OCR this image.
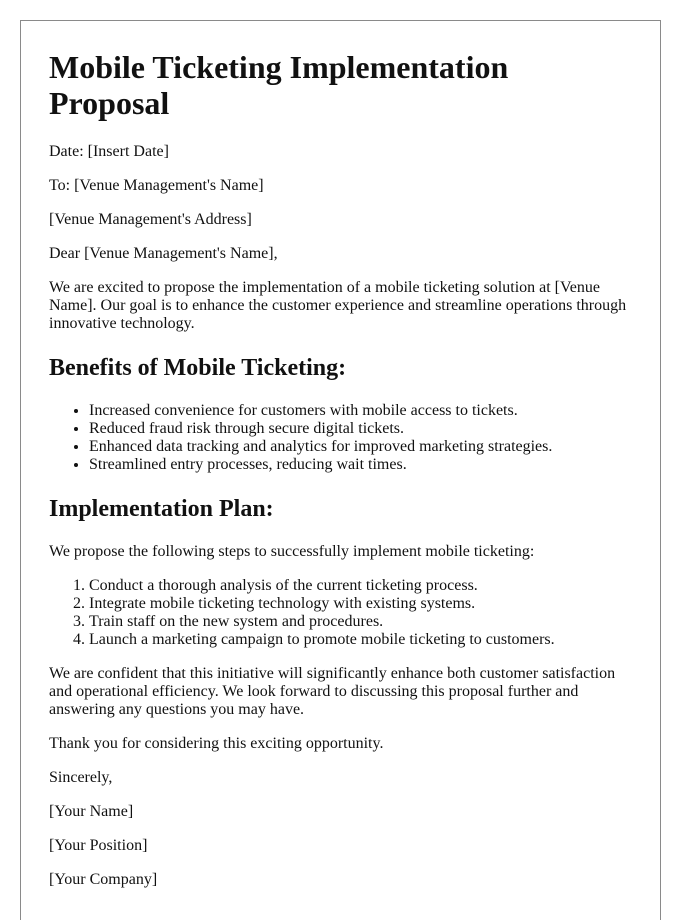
Mobile Ticketing Implementation Proposal

Date: [Insert Date]

To: [Venue Management's Name]

[Venue Management's Address]

Dear [Venue Management's Name],

We are excited to propose the implementation of a mobile ticketing solution at [Venue Name]. Our goal is to enhance the customer experience and streamline operations through innovative technology.

Benefits of Mobile Ticketing:
• Increased convenience for customers with mobile access to tickets.
• Reduced fraud risk through secure digital tickets.
• Enhanced data tracking and analytics for improved marketing strategies.
• Streamlined entry processes, reducing wait times.
Implementation Plan:

We propose the following steps to successfully implement mobile ticketing:

1. Conduct a thorough analysis of the current ticketing process.
2. Integrate mobile ticketing technology with existing systems.
3. Train staff on the new system and procedures.
4. Launch a marketing campaign to promote mobile ticketing to customers.

We are confident that this initiative will significantly enhance both customer satisfaction and operational efficiency. We look forward to discussing this proposal further and answering any questions you may have.

Thank you for considering this exciting opportunity.

Sincerely,

[Your Name]

[Your Position]

[Your Company]
